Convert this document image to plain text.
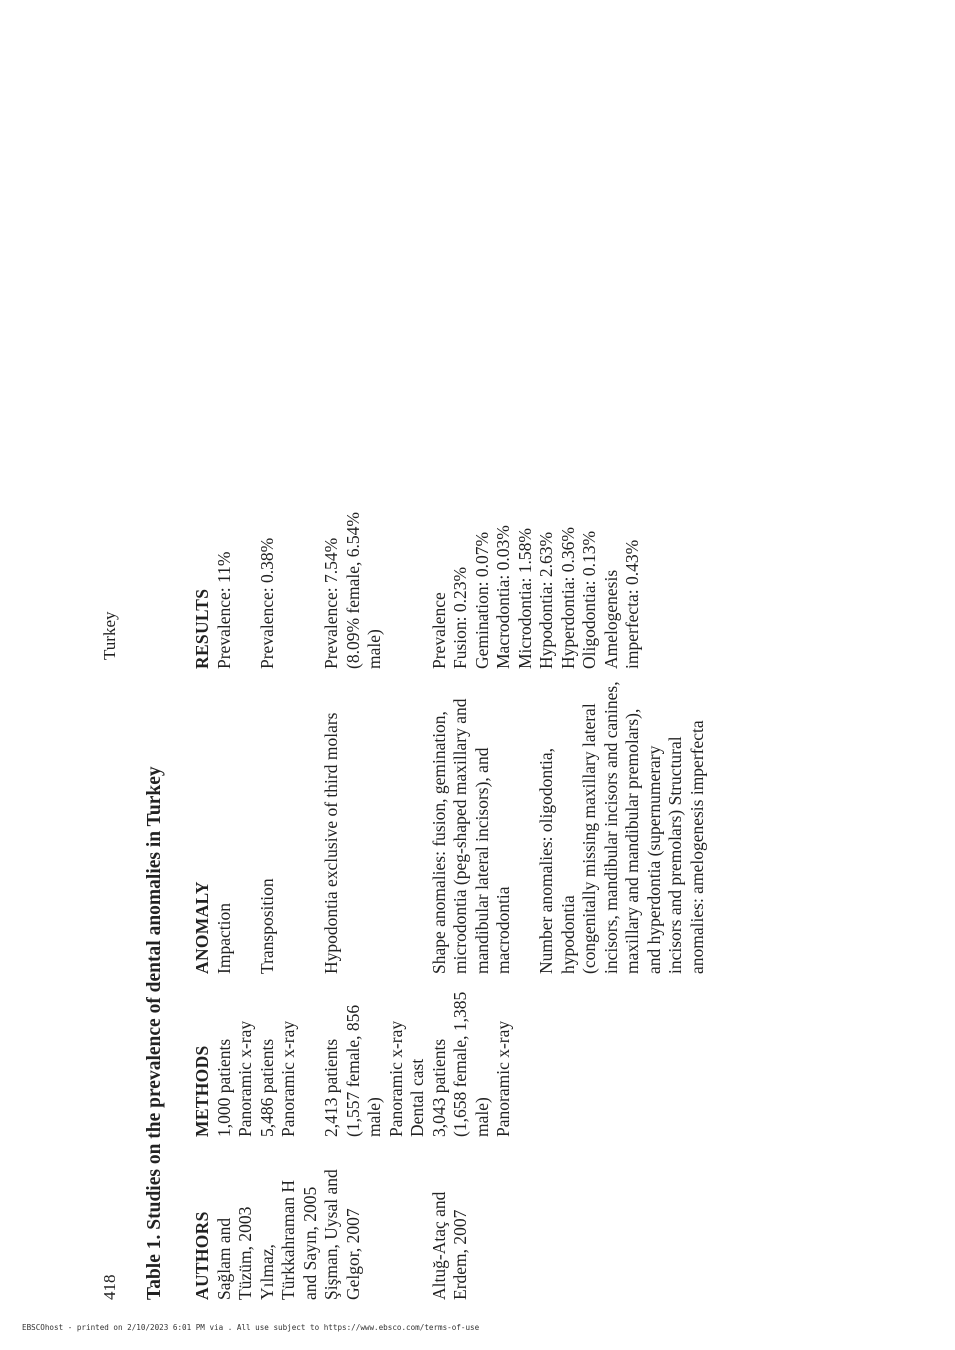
418
Turkey
Table 1. Studies on the prevalence of dental anomalies in Turkey AUTHORS
METHODS
ANOMALY
RESULTS
Sağlam and
Tüzüm, 2003
1,000 patients
Panoramic x-ray
Impaction
Prevalence: 11%
Yılmaz,
Türkkahraman H
and Sayın, 2005
5,486 patients
Panoramic x-ray
Transposition
Prevalence: 0.38%
Şişman, Uysal and
Gelgor, 2007
2,413 patients
(1,557 female, 856
male)
Panoramic x-ray
Dental cast
Hypodontia exclusive of third molars
Prevalence: 7.54%
(8.09% female, 6.54%
male)
Altuğ-Ataç and
Erdem, 2007
3,043 patients
(1,658 female, 1,385
male)
Panoramic x-ray
Shape anomalies: fusion, gemination,
microdontia (peg-shaped maxillary and
mandibular lateral incisors), and
macrodontia

Number anomalies: oligodontia, hypodontia
(congenitally missing maxillary lateral
incisors, mandibular incisors and canines,
maxillary and mandibular premolars),
and hyperdontia (supernumerary
incisors and premolars) Structural
anomalies: amelogenesis imperfecta
Prevalence
Fusion: 0.23%
Gemination: 0.07%
Macrodontia: 0.03%
Microdontia: 1.58%
Hypodontia: 2.63%
Hyperdontia: 0.36%
Oligodontia: 0.13%
Amelogenesis
imperfecta: 0.43%
EBSCOhost - printed on 2/10/2023 6:01 PM via . All use subject to https://www.ebsco.com/terms-of-use
